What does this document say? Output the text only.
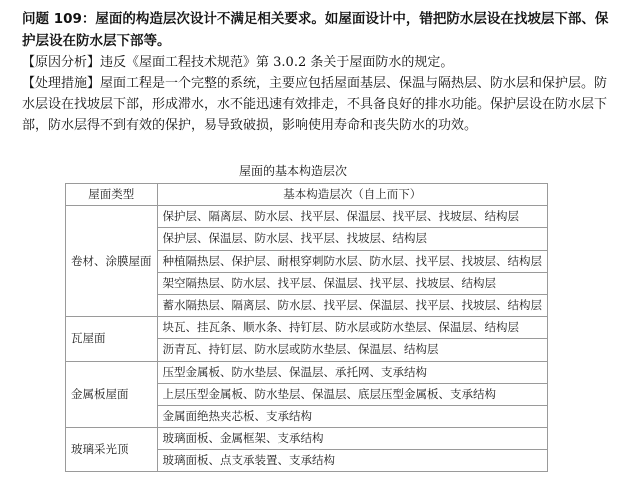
问题 109：屋面的构造层次设计不满足相关要求。如屋面设计中，错把防水层设在找坡层下部、保护层设在防水层下部等。

【原因分析】违反《屋面工程技术规范》第 3.0.2 条关于屋面防水的规定。

【处理措施】屋面工程是一个完整的系统，主要应包括屋面基层、保温与隔热层、防水层和保护层。防水层设在找坡层下部，形成滞水，水不能迅速有效排走，不具备良好的排水功能。保护层设在防水层下部，防水层得不到有效的保护，易导致破损，影响使用寿命和丧失防水的功效。

屋面的基本构造层次
屋面类型	基本构造层次（自上而下）
卷材、涂膜屋面	保护层、隔离层、防水层、找平层、保温层、找平层、找坡层、结构层
	保护层、保温层、防水层、找平层、找坡层、结构层
	种植隔热层、保护层、耐根穿刺防水层、防水层、找平层、找坡层、结构层
	架空隔热层、防水层、找平层、保温层、找平层、找坡层、结构层
	蓄水隔热层、隔离层、防水层、找平层、保温层、找平层、找坡层、结构层
瓦屋面	块瓦、挂瓦条、顺水条、持钉层、防水层或防水垫层、保温层、结构层
	沥青瓦、持钉层、防水层或防水垫层、保温层、结构层
金属板屋面	压型金属板、防水垫层、保温层、承托网、支承结构
	上层压型金属板、防水垫层、保温层、底层压型金属板、支承结构
	金属面绝热夹芯板、支承结构
玻璃采光顶	玻璃面板、金属框架、支承结构
	玻璃面板、点支承装置、支承结构
